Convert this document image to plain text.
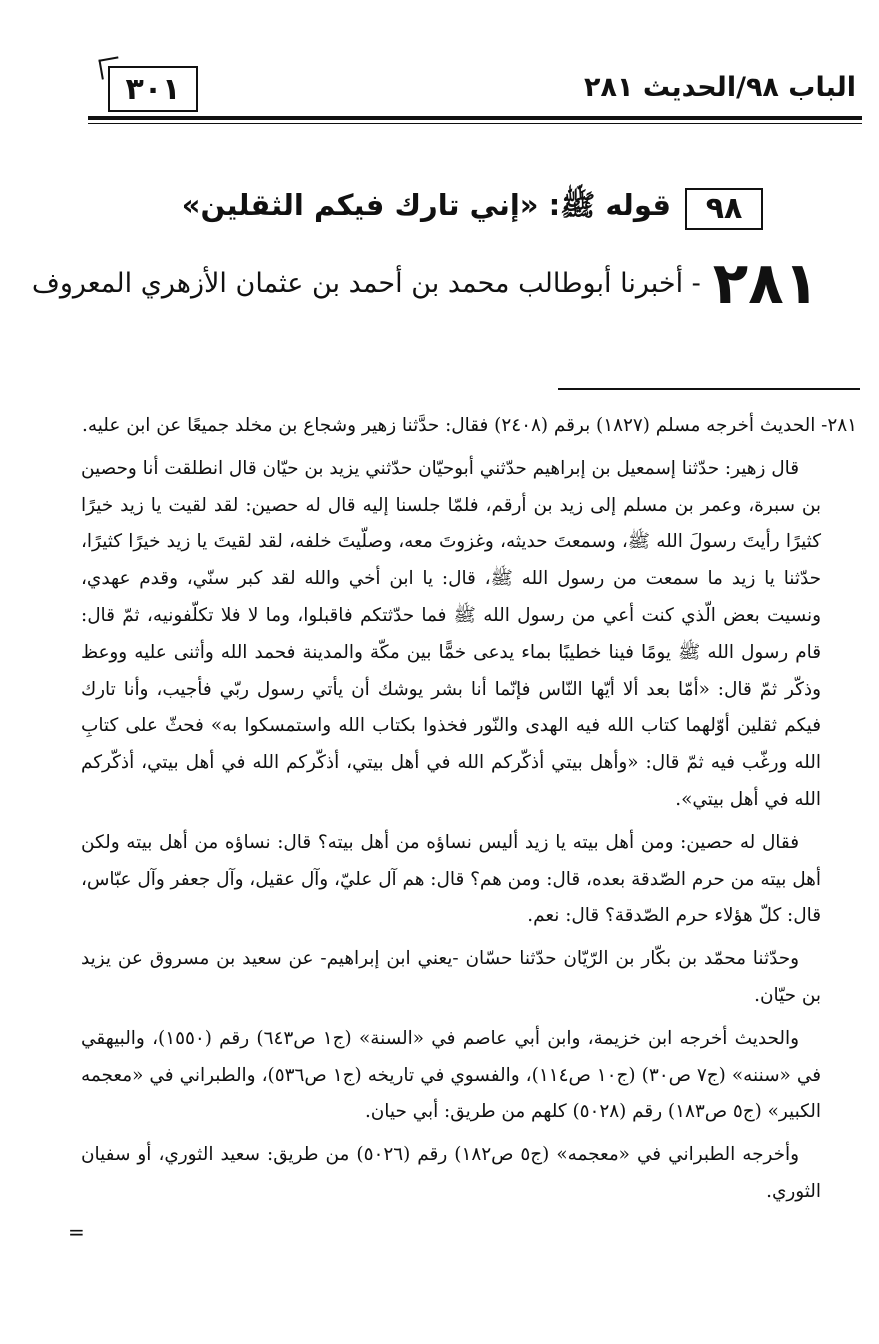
٣٠١	الباب ٩٨/الحديث ٢٨١
٩٨
قوله ﷺ: «إني تارك فيكم الثقلين»
٢٨١
- أخبرنا أبوطالب محمد بن أحمد بن عثمان الأزهري المعروف

٢٨١- الحديث أخرجه مسلم (١٨٢٧) برقم (٢٤٠٨) فقال: حدَّثنا زهير وشجاع بن مخلد جميعًا عن ابن عليه.

قال زهير: حدّثنا إسمعيل بن إبراهيم حدّثني أبوحيّان حدّثني يزيد بن حيّان قال انطلقت أنا وحصين بن سبرة، وعمر بن مسلم إلى زيد بن أرقم، فلمّا جلسنا إليه قال له حصين: لقد لقيت يا زيد خيرًا كثيرًا رأيتَ رسولَ الله ﷺ، وسمعتَ حديثه، وغزوتَ معه، وصلّيتَ خلفه، لقد لقيتَ يا زيد خيرًا كثيرًا، حدّثنا يا زيد ما سمعت من رسول الله ﷺ، قال: يا ابن أخي والله لقد كبر سنّي، وقدم عهدي، ونسيت بعض الّذي كنت أعي من رسول الله ﷺ فما حدّثتكم فاقبلوا، وما لا فلا تكلّفونيه، ثمّ قال: قام رسول الله ﷺ يومًا فينا خطيبًا بماء يدعى خمًّا بين مكّة والمدينة فحمد الله وأثنى عليه ووعظ وذكّر ثمّ قال: «أمّا بعد ألا أيّها النّاس فإنّما أنا بشر يوشك أن يأتي رسول ربّي فأجيب، وأنا تارك فيكم ثقلين أوّلهما كتاب الله فيه الهدى والنّور فخذوا بكتاب الله واستمسكوا به» فحثّ على كتابِ الله ورغّب فيه ثمّ قال: «وأهل بيتي أذكّركم الله في أهل بيتي، أذكّركم الله في أهل بيتي، أذكّركم الله في أهل بيتي».

فقال له حصين: ومن أهل بيته يا زيد أليس نساؤه من أهل بيته؟ قال: نساؤه من أهل بيته ولكن أهل بيته من حرم الصّدقة بعده، قال: ومن هم؟ قال: هم آل عليّ، وآل عقيل، وآل جعفر وآل عبّاس، قال: كلّ هؤلاء حرم الصّدقة؟ قال: نعم.

وحدّثنا محمّد بن بكّار بن الرّيّان حدّثنا حسّان -يعني ابن إبراهيم- عن سعيد بن مسروق عن يزيد بن حيّان.

والحديث أخرجه ابن خزيمة، وابن أبي عاصم في «السنة» (ج١ ص٦٤٣) رقم (١٥٥٠)، والبيهقي في «سننه» (ج٧ ص٣٠) (ج١٠ ص١١٤)، والفسوي في تاريخه (ج١ ص٥٣٦)، والطبراني في «معجمه الكبير» (ج٥ ص١٨٣) رقم (٥٠٢٨) كلهم من طريق: أبي حيان.

وأخرجه الطبراني في «معجمه» (ج٥ ص١٨٢) رقم (٥٠٢٦) من طريق: سعيد الثوري، أو سفيان الثوري.

=
